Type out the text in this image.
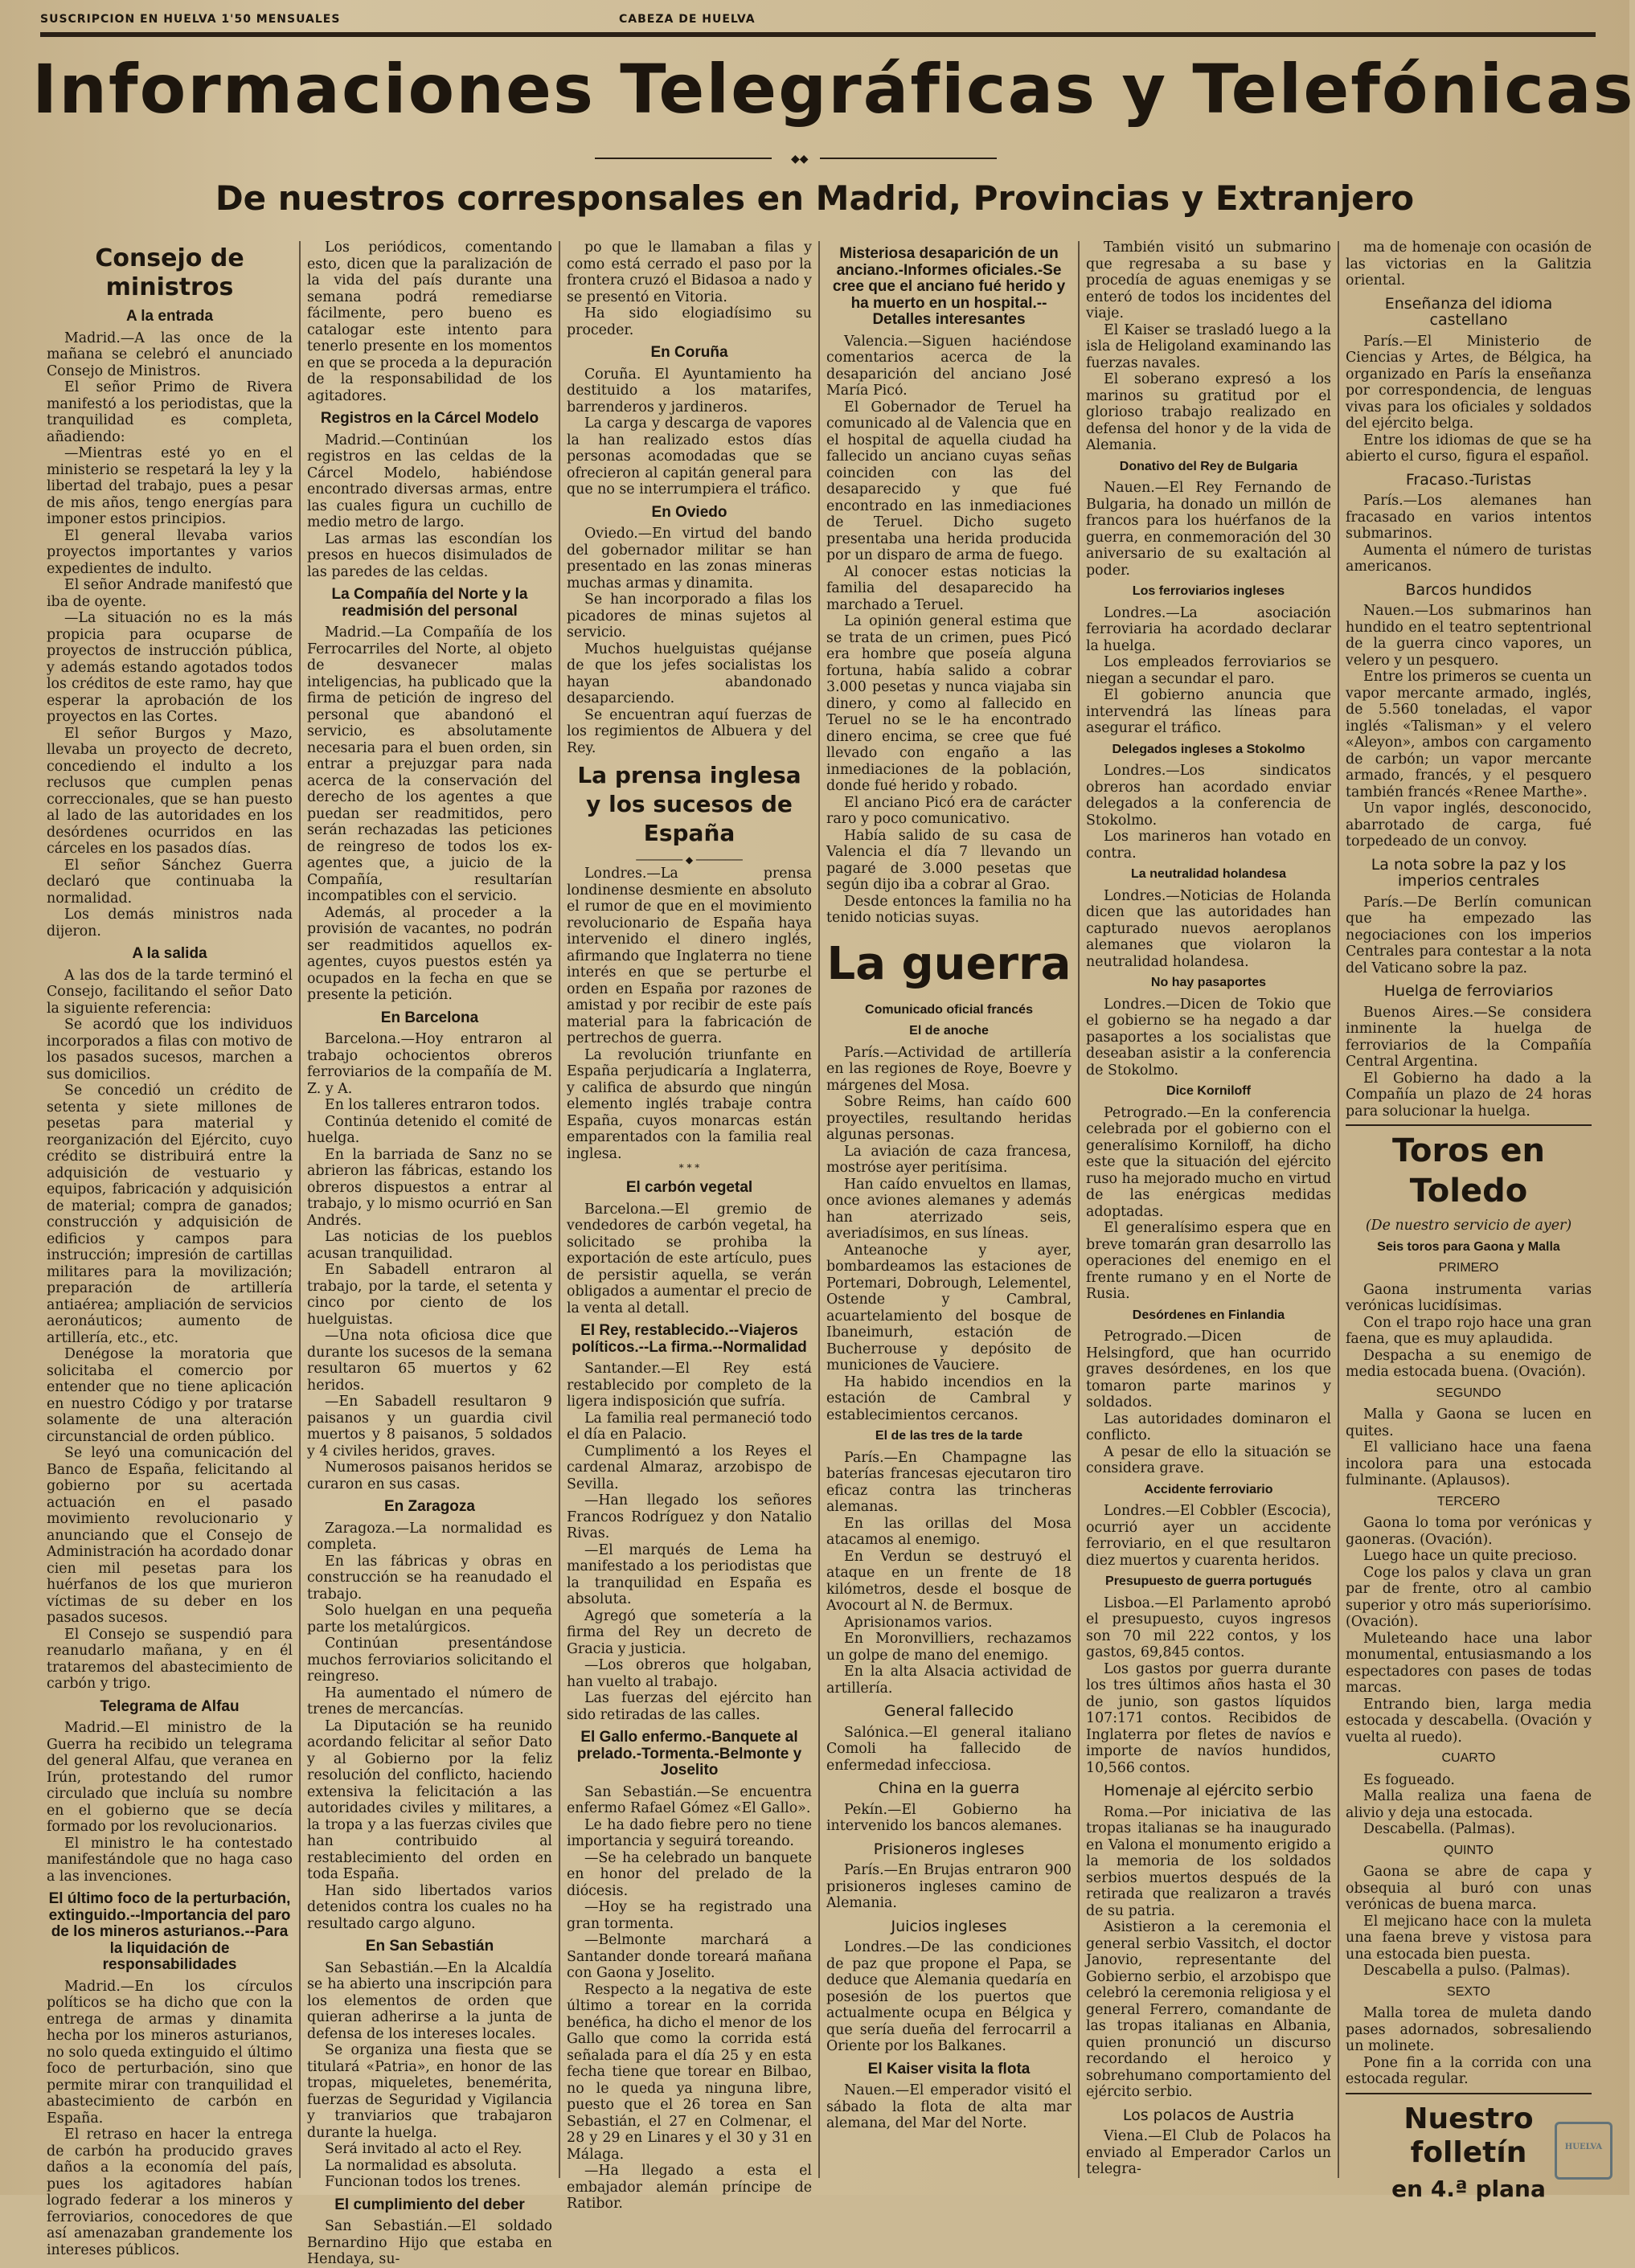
SUSCRIPCION EN HUELVA 1'50 MENSUALES	CABEZA DE HUELVA
Informaciones Telegráficas y Telefónicas
◆◆
De nuestros corresponsales en Madrid, Provincias y Extranjero
Consejo de ministros
A la entrada

Madrid.—A las once de la mañana se celebró el anunciado Consejo de Ministros.

El señor Primo de Rivera manifestó a los periodistas, que la tranquilidad es completa, añadiendo:

—Mientras esté yo en el ministerio se respetará la ley y la libertad del trabajo, pues a pesar de mis años, tengo energías para imponer estos principios.

El general llevaba varios proyectos importantes y varios expedientes de indulto.

El señor Andrade manifestó que iba de oyente.

—La situación no es la más propicia para ocuparse de proyectos de instrucción pública, y además estando agotados todos los créditos de este ramo, hay que esperar la aprobación de los proyectos en las Cortes.

El señor Burgos y Mazo, llevaba un proyecto de decreto, concediendo el indulto a los reclusos que cumplen penas correccionales, que se han puesto al lado de las autoridades en los desórdenes ocurridos en las cárceles en los pasados días.

El señor Sánchez Guerra declaró que continuaba la normalidad.

Los demás ministros nada dijeron.

A la salida

A las dos de la tarde terminó el Consejo, facilitando el señor Dato la siguiente referencia:

Se acordó que los individuos incorporados a filas con motivo de los pasados sucesos, marchen a sus domicilios.

Se concedió un crédito de setenta y siete millones de pesetas para material y reorganización del Ejército, cuyo crédito se distribuirá entre la adquisición de vestuario y equipos, fabricación y adquisición de material; compra de ganados; construcción y adquisición de edificios y campos para instrucción; impresión de cartillas militares para la movilización; preparación de artillería antiaérea; ampliación de servicios aeronáuticos; aumento de artillería, etc., etc.

Denégose la moratoria que solicitaba el comercio por entender que no tiene aplicación en nuestro Código y por tratarse solamente de una alteración circunstancial de orden público.

Se leyó una comunicación del Banco de España, felicitando al gobierno por su acertada actuación en el pasado movimiento revolucionario y anunciando que el Consejo de Administración ha acordado donar cien mil pesetas para los huérfanos de los que murieron víctimas de su deber en los pasados sucesos.

El Consejo se suspendió para reanudarlo mañana, y en él trataremos del abastecimiento de carbón y trigo.

Telegrama de Alfau

Madrid.—El ministro de la Guerra ha recibido un telegrama del general Alfau, que veranea en Irún, protestando del rumor circulado que incluía su nombre en el gobierno que se decía formado por los revolucionarios.

El ministro le ha contestado manifestándole que no haga caso a las invenciones.

El último foco de la perturbación, extinguido.--Importancia del paro de los mineros asturianos.--Para la liquidación de responsabilidades

Madrid.—En los círculos políticos se ha dicho que con la entrega de armas y dinamita hecha por los mineros asturianos, no solo queda extinguido el último foco de perturbación, sino que permite mirar con tranquilidad el abastecimiento de carbón en España.

El retraso en hacer la entrega de carbón ha producido graves daños a la economía del país, pues los agitadores habían logrado federar a los mineros y ferroviarios, conocedores de que así amenazaban grandemente los intereses públicos.

Los periódicos, comentando esto, dicen que la paralización de la vida del país durante una semana podrá remediarse fácilmente, pero bueno es catalogar este intento para tenerlo presente en los momentos en que se proceda a la depuración de la responsabilidad de los agitadores.

Registros en la Cárcel Modelo

Madrid.—Continúan los registros en las celdas de la Cárcel Modelo, habiéndose encontrado diversas armas, entre las cuales figura un cuchillo de medio metro de largo.

Las armas las escondían los presos en huecos disimulados de las paredes de las celdas.

La Compañía del Norte y la readmisión del personal

Madrid.—La Compañía de los Ferrocarriles del Norte, al objeto de desvanecer malas inteligencias, ha publicado que la firma de petición de ingreso del personal que abandonó el servicio, es absolutamente necesaria para el buen orden, sin entrar a prejuzgar para nada acerca de la conservación del derecho de los agentes a que puedan ser readmitidos, pero serán rechazadas las peticiones de reingreso de todos los ex-agentes que, a juicio de la Compañía, resultarían incompatibles con el servicio.

Además, al proceder a la provisión de vacantes, no podrán ser readmitidos aquellos ex-agentes, cuyos puestos estén ya ocupados en la fecha en que se presente la petición.

En Barcelona

Barcelona.—Hoy entraron al trabajo ochocientos obreros ferroviarios de la compañía de M. Z. y A.

En los talleres entraron todos.

Continúa detenido el comité de huelga.

En la barriada de Sanz no se abrieron las fábricas, estando los obreros dispuestos a entrar al trabajo, y lo mismo ocurrió en San Andrés.

Las noticias de los pueblos acusan tranquilidad.

En Sabadell entraron al trabajo, por la tarde, el setenta y cinco por ciento de los huelguistas.

—Una nota oficiosa dice que durante los sucesos de la semana resultaron 65 muertos y 62 heridos.

—En Sabadell resultaron 9 paisanos y un guardia civil muertos y 8 paisanos, 5 soldados y 4 civiles heridos, graves.

Numerosos paisanos heridos se curaron en sus casas.

En Zaragoza

Zaragoza.—La normalidad es completa.

En las fábricas y obras en construcción se ha reanudado el trabajo.

Solo huelgan en una pequeña parte los metalúrgicos.

Continúan presentándose muchos ferroviarios solicitando el reingreso.

Ha aumentado el número de trenes de mercancías.

La Diputación se ha reunido acordando felicitar al señor Dato y al Gobierno por la feliz resolución del conflicto, haciendo extensiva la felicitación a las autoridades civiles y militares, a la tropa y a las fuerzas civiles que han contribuido al restablecimiento del orden en toda España.

Han sido libertados varios detenidos contra los cuales no ha resultado cargo alguno.

En San Sebastián

San Sebastián.—En la Alcaldía se ha abierto una inscripción para los elementos de orden que quieran adherirse a la junta de defensa de los intereses locales.

Se organiza una fiesta que se titulará «Patria», en honor de las tropas, miqueletes, benemérita, fuerzas de Seguridad y Vigilancia y tranviarios que trabajaron durante la huelga.

Será invitado al acto el Rey.

La normalidad es absoluta.

Funcionan todos los trenes.

El cumplimiento del deber

San Sebastián.—El soldado Bernardino Hijo que estaba en Hendaya, su-

po que le llamaban a filas y como está cerrado el paso por la frontera cruzó el Bidasoa a nado y se presentó en Vitoria.

Ha sido elogiadísimo su proceder.

En Coruña

Coruña. El Ayuntamiento ha destituido a los matarifes, barrenderos y jardineros.

La carga y descarga de vapores la han realizado estos días personas acomodadas que se ofrecieron al capitán general para que no se interrumpiera el tráfico.

En Oviedo

Oviedo.—En virtud del bando del gobernador militar se han presentado en las zonas mineras muchas armas y dinamita.

Se han incorporado a filas los picadores de minas sujetos al servicio.

Muchos huelguistas quéjanse de que los jefes socialistas los hayan abandonado desaparciendo.

Se encuentran aquí fuerzas de los regimientos de Albuera y del Rey.

La prensa inglesa y los sucesos de España
──────── ◆ ────────

Londres.—La prensa londinense desmiente en absoluto el rumor de que en el movimiento revolucionario de España haya intervenido el dinero inglés, afirmando que Inglaterra no tiene interés en que se perturbe el orden en España por razones de amistad y por recibir de este país material para la fabricación de pertrechos de guerra.

La revolución triunfante en España perjudicaría a Inglaterra, y califica de absurdo que ningún elemento inglés trabaje contra España, cuyos monarcas están emparentados con la familia real inglesa.

* * *
El carbón vegetal

Barcelona.—El gremio de vendedores de carbón vegetal, ha solicitado se prohiba la exportación de este artículo, pues de persistir aquella, se verán obligados a aumentar el precio de la venta al detall.

El Rey, restablecido.--Viajeros políticos.--La firma.--Normalidad

Santander.—El Rey está restablecido por completo de la ligera indisposición que sufría.

La familia real permaneció todo el día en Palacio.

Cumplimentó a los Reyes el cardenal Almaraz, arzobispo de Sevilla.

—Han llegado los señores Francos Rodríguez y don Natalio Rivas.

—El marqués de Lema ha manifestado a los periodistas que la tranquilidad en España es absoluta.

Agregó que sometería a la firma del Rey un decreto de Gracia y justicia.

—Los obreros que holgaban, han vuelto al trabajo.

Las fuerzas del ejército han sido retiradas de las calles.

El Gallo enfermo.-Banquete al prelado.-Tormenta.-Belmonte y Joselito

San Sebastián.—Se encuentra enfermo Rafael Gómez «El Gallo».

Le ha dado fiebre pero no tiene importancia y seguirá toreando.

—Se ha celebrado un banquete en honor del prelado de la diócesis.

—Hoy se ha registrado una gran tormenta.

—Belmonte marchará a Santander donde toreará mañana con Gaona y Joselito.

Respecto a la negativa de este último a torear en la corrida benéfica, ha dicho el menor de los Gallo que como la corrida está señalada para el día 25 y en esta fecha tiene que torear en Bilbao, no le queda ya ninguna libre, puesto que el 26 torea en San Sebastián, el 27 en Colmenar, el 28 y 29 en Linares y el 30 y 31 en Málaga.

—Ha llegado a esta el embajador alemán príncipe de Ratibor.

Misteriosa desaparición de un anciano.-Informes oficiales.-Se cree que el anciano fué herido y ha muerto en un hospital.--Detalles interesantes

Valencia.—Siguen haciéndose comentarios acerca de la desaparición del anciano José María Picó.

El Gobernador de Teruel ha comunicado al de Valencia que en el hospital de aquella ciudad ha fallecido un anciano cuyas señas coinciden con las del desaparecido y que fué encontrado en las inmediaciones de Teruel. Dicho sugeto presentaba una herida producida por un disparo de arma de fuego.

Al conocer estas noticias la familia del desaparecido ha marchado a Teruel.

La opinión general estima que se trata de un crimen, pues Picó era hombre que poseía alguna fortuna, había salido a cobrar 3.000 pesetas y nunca viajaba sin dinero, y como al fallecido en Teruel no se le ha encontrado dinero encima, se cree que fué llevado con engaño a las inmediaciones de la población, donde fué herido y robado.

El anciano Picó era de carácter raro y poco comunicativo.

Había salido de su casa de Valencia el día 7 llevando un pagaré de 3.000 pesetas que según dijo iba a cobrar al Grao.

Desde entonces la familia no ha tenido noticias suyas.

La guerra
Comunicado oficial francés
El de anoche

París.—Actividad de artillería en las regiones de Roye, Boevre y márgenes del Mosa.

Sobre Reims, han caído 600 proyectiles, resultando heridas algunas personas.

La aviación de caza francesa, mostróse ayer peritísima.

Han caído envueltos en llamas, once aviones alemanes y además han aterrizado seis, averiadísimos, en sus líneas.

Anteanoche y ayer, bombardeamos las estaciones de Portemari, Dobrough, Lelementel, Ostende y Cambral, acuartelamiento del bosque de Ibaneimurh, estación de Bucherrouse y depósito de municiones de Vauciere.

Ha habido incendios en la estación de Cambral y establecimientos cercanos.

El de las tres de la tarde

París.—En Champagne las baterías francesas ejecutaron tiro eficaz contra las trincheras alemanas.

En las orillas del Mosa atacamos al enemigo.

En Verdun se destruyó el ataque en un frente de 18 kilómetros, desde el bosque de Avocourt al N. de Bermux.

Aprisionamos varios.

En Moronvilliers, rechazamos un golpe de mano del enemigo.

En la alta Alsacia actividad de artillería.

General fallecido

Salónica.—El general italiano Comoli ha fallecido de enfermedad infecciosa.

China en la guerra

Pekín.—El Gobierno ha intervenido los bancos alemanes.

Prisioneros ingleses

París.—En Brujas entraron 900 prisioneros ingleses camino de Alemania.

Juicios ingleses

Londres.—De las condiciones de paz que propone el Papa, se deduce que Alemania quedaría en posesión de los puertos que actualmente ocupa en Bélgica y que sería dueña del ferrocarril a Oriente por los Balkanes.

El Kaiser visita la flota

Nauen.—El emperador visitó el sábado la flota de alta mar alemana, del Mar del Norte.

También visitó un submarino que regresaba a su base y procedía de aguas enemigas y se enteró de todos los incidentes del viaje.

El Kaiser se trasladó luego a la isla de Heligoland examinando las fuerzas navales.

El soberano expresó a los marinos su gratitud por el glorioso trabajo realizado en defensa del honor y de la vida de Alemania.

Donativo del Rey de Bulgaria

Nauen.—El Rey Fernando de Bulgaria, ha donado un millón de francos para los huérfanos de la guerra, en conmemoración del 30 aniversario de su exaltación al poder.

Los ferroviarios ingleses

Londres.—La asociación ferroviaria ha acordado declarar la huelga.

Los empleados ferroviarios se niegan a secundar el paro.

El gobierno anuncia que intervendrá las líneas para asegurar el tráfico.

Delegados ingleses a Stokolmo

Londres.—Los sindicatos obreros han acordado enviar delegados a la conferencia de Stokolmo.

Los marineros han votado en contra.

La neutralidad holandesa

Londres.—Noticias de Holanda dicen que las autoridades han capturado nuevos aeroplanos alemanes que violaron la neutralidad holandesa.

No hay pasaportes

Londres.—Dicen de Tokio que el gobierno se ha negado a dar pasaportes a los socialistas que deseaban asistir a la conferencia de Stokolmo.

Dice Korniloff

Petrogrado.—En la conferencia celebrada por el gobierno con el generalísimo Korniloff, ha dicho este que la situación del ejército ruso ha mejorado mucho en virtud de las enérgicas medidas adoptadas.

El generalísimo espera que en breve tomarán gran desarrollo las operaciones del enemigo en el frente rumano y en el Norte de Rusia.

Desórdenes en Finlandia

Petrogrado.—Dicen de Helsingford, que han ocurrido graves desórdenes, en los que tomaron parte marinos y soldados.

Las autoridades dominaron el conflicto.

A pesar de ello la situación se considera grave.

Accidente ferroviario

Londres.—El Cobbler (Escocia), ocurrió ayer un accidente ferroviario, en el que resultaron diez muertos y cuarenta heridos.

Presupuesto de guerra portugués

Lisboa.—El Parlamento aprobó el presupuesto, cuyos ingresos son 70 mil 222 contos, y los gastos, 69,845 contos.

Los gastos por guerra durante los tres últimos años hasta el 30 de junio, son gastos líquidos 107:171 contos. Recibidos de Inglaterra por fletes de navíos e importe de navíos hundidos, 10,566 contos.

Homenaje al ejército serbio

Roma.—Por iniciativa de las tropas italianas se ha inaugurado en Valona el monumento erigido a la memoria de los soldados serbios muertos después de la retirada que realizaron a través de su patria.

Asistieron a la ceremonia el general serbio Vassitch, el doctor Janovio, representante del Gobierno serbio, el arzobispo que celebró la ceremonia religiosa y el general Ferrero, comandante de las tropas italianas en Albania, quien pronunció un discurso recordando el heroico y sobrehumano comportamiento del ejército serbio.

Los polacos de Austria

Viena.—El Club de Polacos ha enviado al Emperador Carlos un telegra-

ma de homenaje con ocasión de las victorias en la Galitzia oriental.

Enseñanza del idioma castellano

París.—El Ministerio de Ciencias y Artes, de Bélgica, ha organizado en París la enseñanza por correspondencia, de lenguas vivas para los oficiales y soldados del ejército belga.

Entre los idiomas de que se ha abierto el curso, figura el español.

Fracaso.-Turistas

París.—Los alemanes han fracasado en varios intentos submarinos.

Aumenta el número de turistas americanos.

Barcos hundidos

Nauen.—Los submarinos han hundido en el teatro septentrional de la guerra cinco vapores, un velero y un pesquero.

Entre los primeros se cuenta un vapor mercante armado, inglés, de 5.560 toneladas, el vapor inglés «Talisman» y el velero «Aleyon», ambos con cargamento de carbón; un vapor mercante armado, francés, y el pesquero también francés «Renee Marthe».

Un vapor inglés, desconocido, abarrotado de carga, fué torpedeado de un convoy.

La nota sobre la paz y los imperios centrales

París.—De Berlín comunican que ha empezado las negociaciones con los imperios Centrales para contestar a la nota del Vaticano sobre la paz.

Huelga de ferroviarios

Buenos Aires.—Se considera inminente la huelga de ferroviarios de la Compañía Central Argentina.

El Gobierno ha dado a la Compañía un plazo de 24 horas para solucionar la huelga.

Toros en Toledo

(De nuestro servicio de ayer)

Seis toros para Gaona y Malla
PRIMERO

Gaona instrumenta varias verónicas lucidísimas.

Con el trapo rojo hace una gran faena, que es muy aplaudida.

Despacha a su enemigo de media estocada buena. (Ovación).

SEGUNDO

Malla y Gaona se lucen en quites.

El valliciano hace una faena incolora para una estocada fulminante. (Aplausos).

TERCERO

Gaona lo toma por verónicas y gaoneras. (Ovación).

Luego hace un quite precioso.

Coge los palos y clava un gran par de frente, otro al cambio superior y otro más superiorísimo. (Ovación).

Muleteando hace una labor monumental, entusiasmando a los espectadores con pases de todas marcas.

Entrando bien, larga media estocada y descabella. (Ovación y vuelta al ruedo).

CUARTO

Es fogueado.

Malla realiza una faena de alivio y deja una estocada.

Descabella. (Palmas).

QUINTO

Gaona se abre de capa y obsequia al buró con unas verónicas de buena marca.

El mejicano hace con la muleta una faena breve y vistosa para una estocada bien puesta.

Descabella a pulso. (Palmas).

SEXTO

Malla torea de muleta dando pases adornados, sobresaliendo un molinete.

Pone fin a la corrida con una estocada regular.

Nuestro folletín
en 4.ª plana
HUELVA
